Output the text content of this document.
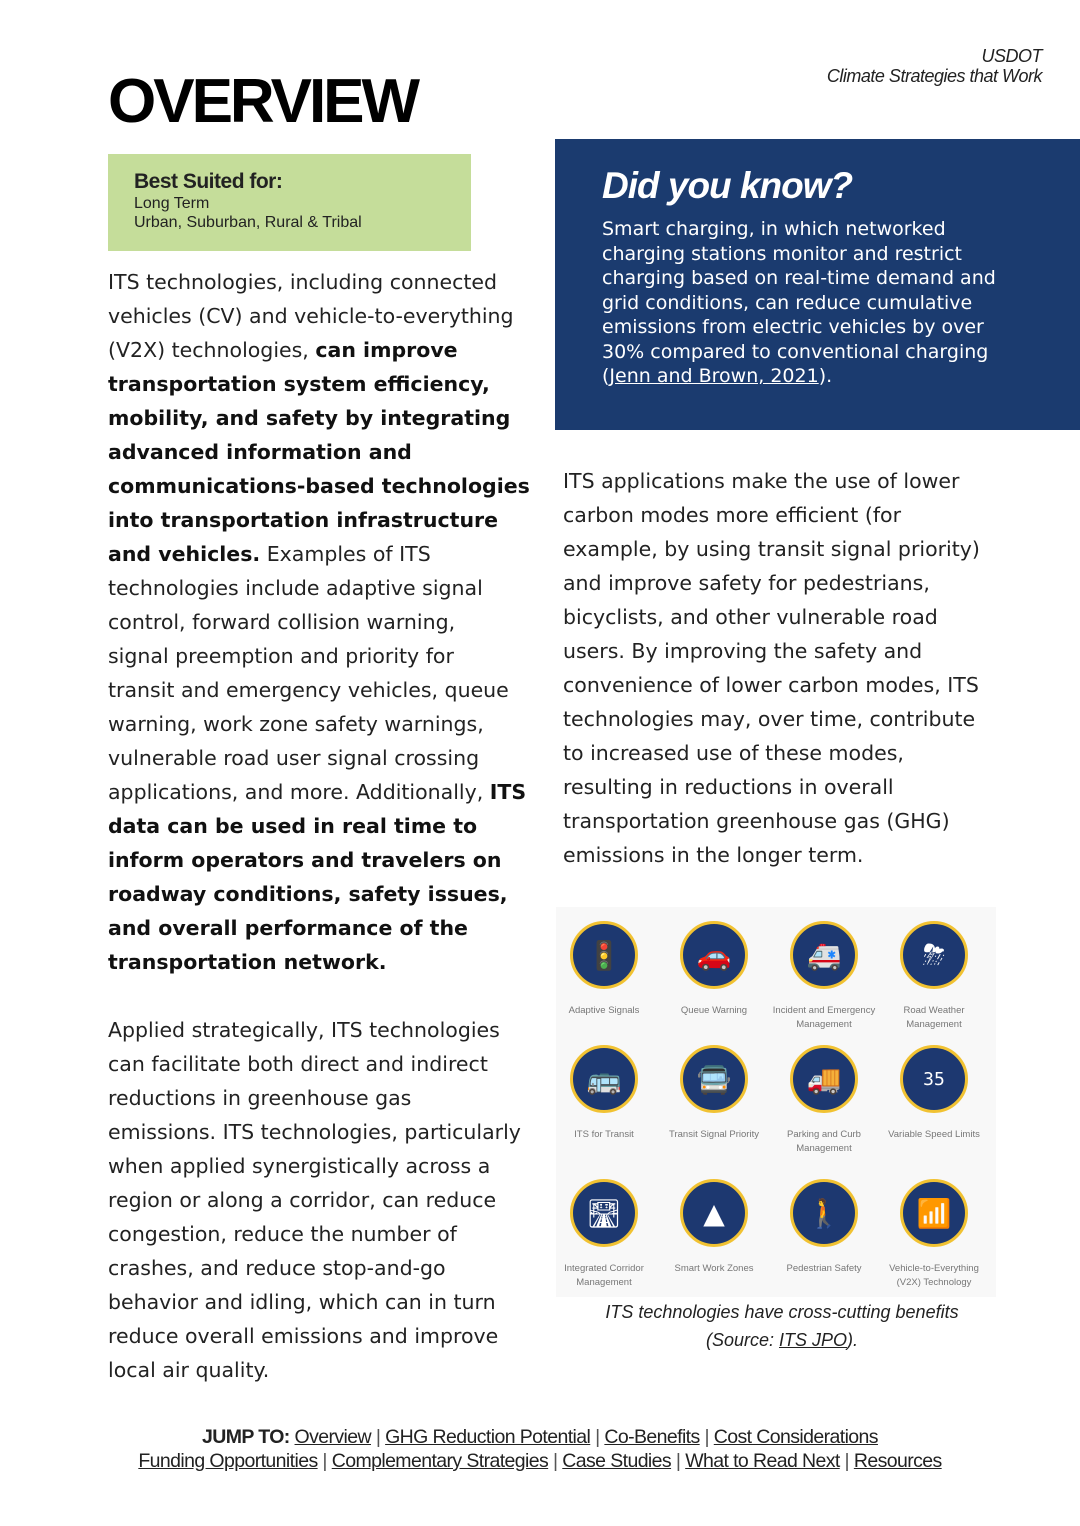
USDOT
Climate Strategies that Work
OVERVIEW
Best Suited for:
Long Term
Urban, Suburban, Rural & Tribal
Did you know?
Smart charging, in which networked
charging stations monitor and restrict
charging based on real-time demand and
grid conditions, can reduce cumulative
emissions from electric vehicles by over
30% compared to conventional charging
(Jenn and Brown, 2021).
ITS technologies, including connected
vehicles (CV) and vehicle-to-everything
(V2X) technologies, can improve
transportation system efficiency,
mobility, and safety by integrating
advanced information and
communications-based technologies
into transportation infrastructure
and vehicles. Examples of ITS
technologies include adaptive signal
control, forward collision warning,
signal preemption and priority for
transit and emergency vehicles, queue
warning, work zone safety warnings,
vulnerable road user signal crossing
applications, and more. Additionally, ITS
data can be used in real time to
inform operators and travelers on
roadway conditions, safety issues,
and overall performance of the
transportation network.
Applied strategically, ITS technologies
can facilitate both direct and indirect
reductions in greenhouse gas
emissions. ITS technologies, particularly
when applied synergistically across a
region or along a corridor, can reduce
congestion, reduce the number of
crashes, and reduce stop-and-go
behavior and idling, which can in turn
reduce overall emissions and improve
local air quality.
ITS applications make the use of lower
carbon modes more efficient (for
example, by using transit signal priority)
and improve safety for pedestrians,
bicyclists, and other vulnerable road
users. By improving the safety and
convenience of lower carbon modes, ITS
technologies may, over time, contribute
to increased use of these modes,
resulting in reductions in overall
transportation greenhouse gas (GHG)
emissions in the longer term.
🚦
Adaptive Signals
🚗
Queue Warning
🚑
Incident and Emergency
Management
⛈
Road Weather
Management
🚌
ITS for Transit
🚍
Transit Signal Priority
🚚
Parking and Curb
Management
35
Variable Speed Limits
🛣
Integrated Corridor
Management
▲
Smart Work Zones
🚶
Pedestrian Safety
📶
Vehicle-to-Everything
(V2X) Technology
ITS technologies have cross-cutting benefits
(Source: ITS JPO).
JUMP TO: Overview | GHG Reduction Potential | Co-Benefits | Cost Considerations
Funding Opportunities | Complementary Strategies | Case Studies | What to Read Next | Resources
